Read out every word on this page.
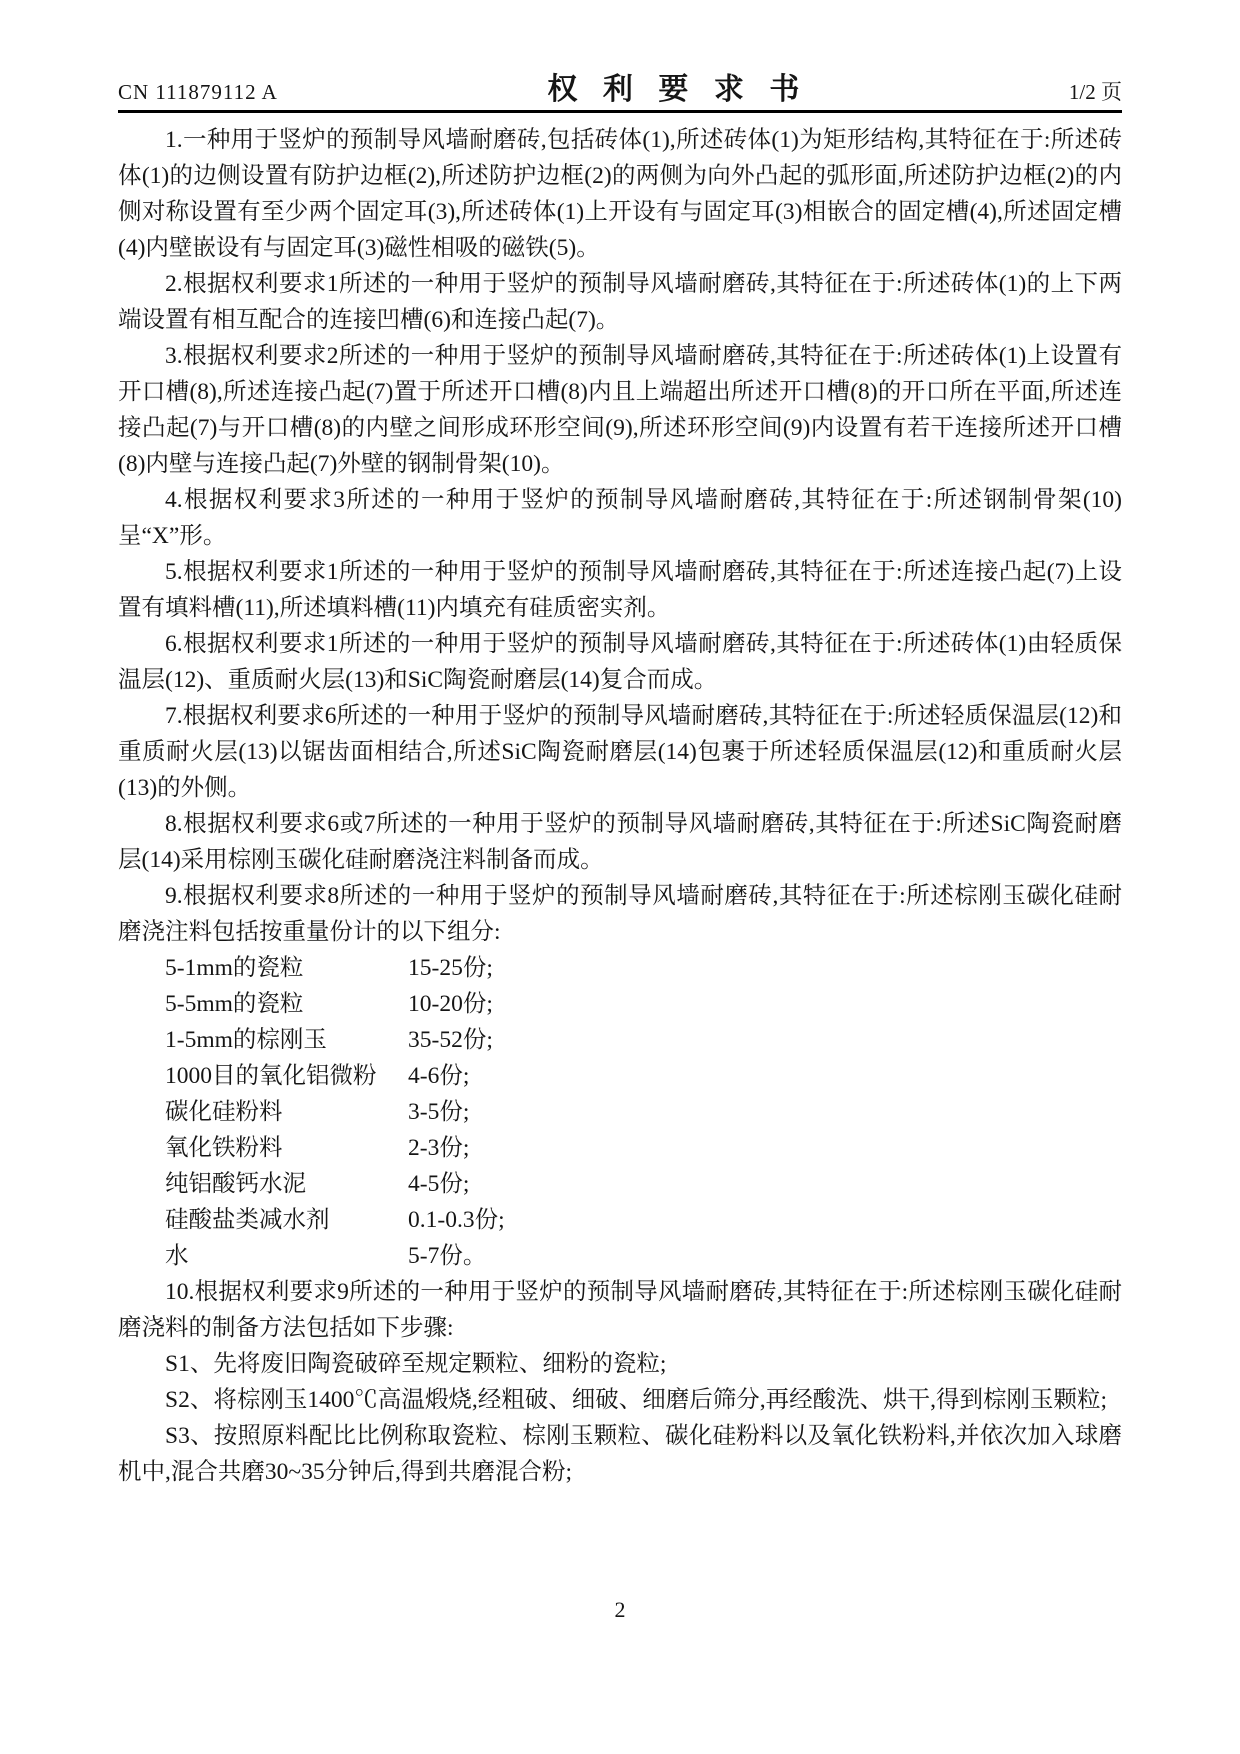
CN 111879112 A	权利要求书	1/2 页

1.一种用于竖炉的预制导风墙耐磨砖,包括砖体(1),所述砖体(1)为矩形结构,其特征在于:所述砖体(1)的边侧设置有防护边框(2),所述防护边框(2)的两侧为向外凸起的弧形面,所述防护边框(2)的内侧对称设置有至少两个固定耳(3),所述砖体(1)上开设有与固定耳(3)相嵌合的固定槽(4),所述固定槽(4)内壁嵌设有与固定耳(3)磁性相吸的磁铁(5)。

2.根据权利要求1所述的一种用于竖炉的预制导风墙耐磨砖,其特征在于:所述砖体(1)的上下两端设置有相互配合的连接凹槽(6)和连接凸起(7)。

3.根据权利要求2所述的一种用于竖炉的预制导风墙耐磨砖,其特征在于:所述砖体(1)上设置有开口槽(8),所述连接凸起(7)置于所述开口槽(8)内且上端超出所述开口槽(8)的开口所在平面,所述连接凸起(7)与开口槽(8)的内壁之间形成环形空间(9),所述环形空间(9)内设置有若干连接所述开口槽(8)内壁与连接凸起(7)外壁的钢制骨架(10)。

4.根据权利要求3所述的一种用于竖炉的预制导风墙耐磨砖,其特征在于:所述钢制骨架(10)呈“X”形。

5.根据权利要求1所述的一种用于竖炉的预制导风墙耐磨砖,其特征在于:所述连接凸起(7)上设置有填料槽(11),所述填料槽(11)内填充有硅质密实剂。

6.根据权利要求1所述的一种用于竖炉的预制导风墙耐磨砖,其特征在于:所述砖体(1)由轻质保温层(12)、重质耐火层(13)和SiC陶瓷耐磨层(14)复合而成。

7.根据权利要求6所述的一种用于竖炉的预制导风墙耐磨砖,其特征在于:所述轻质保温层(12)和重质耐火层(13)以锯齿面相结合,所述SiC陶瓷耐磨层(14)包裹于所述轻质保温层(12)和重质耐火层(13)的外侧。

8.根据权利要求6或7所述的一种用于竖炉的预制导风墙耐磨砖,其特征在于:所述SiC陶瓷耐磨层(14)采用棕刚玉碳化硅耐磨浇注料制备而成。

9.根据权利要求8所述的一种用于竖炉的预制导风墙耐磨砖,其特征在于:所述棕刚玉碳化硅耐磨浇注料包括按重量份计的以下组分:

5-1mm的瓷粒	15-25份;
5-5mm的瓷粒	10-20份;
1-5mm的棕刚玉	35-52份;
1000目的氧化铝微粉	4-6份;
碳化硅粉料	3-5份;
氧化铁粉料	2-3份;
纯铝酸钙水泥	4-5份;
硅酸盐类减水剂	0.1-0.3份;
水	5-7份。

10.根据权利要求9所述的一种用于竖炉的预制导风墙耐磨砖,其特征在于:所述棕刚玉碳化硅耐磨浇料的制备方法包括如下步骤:

S1、先将废旧陶瓷破碎至规定颗粒、细粉的瓷粒;

S2、将棕刚玉1400℃高温煅烧,经粗破、细破、细磨后筛分,再经酸洗、烘干,得到棕刚玉颗粒;

S3、按照原料配比比例称取瓷粒、棕刚玉颗粒、碳化硅粉料以及氧化铁粉料,并依次加入球磨机中,混合共磨30~35分钟后,得到共磨混合粉;

2
